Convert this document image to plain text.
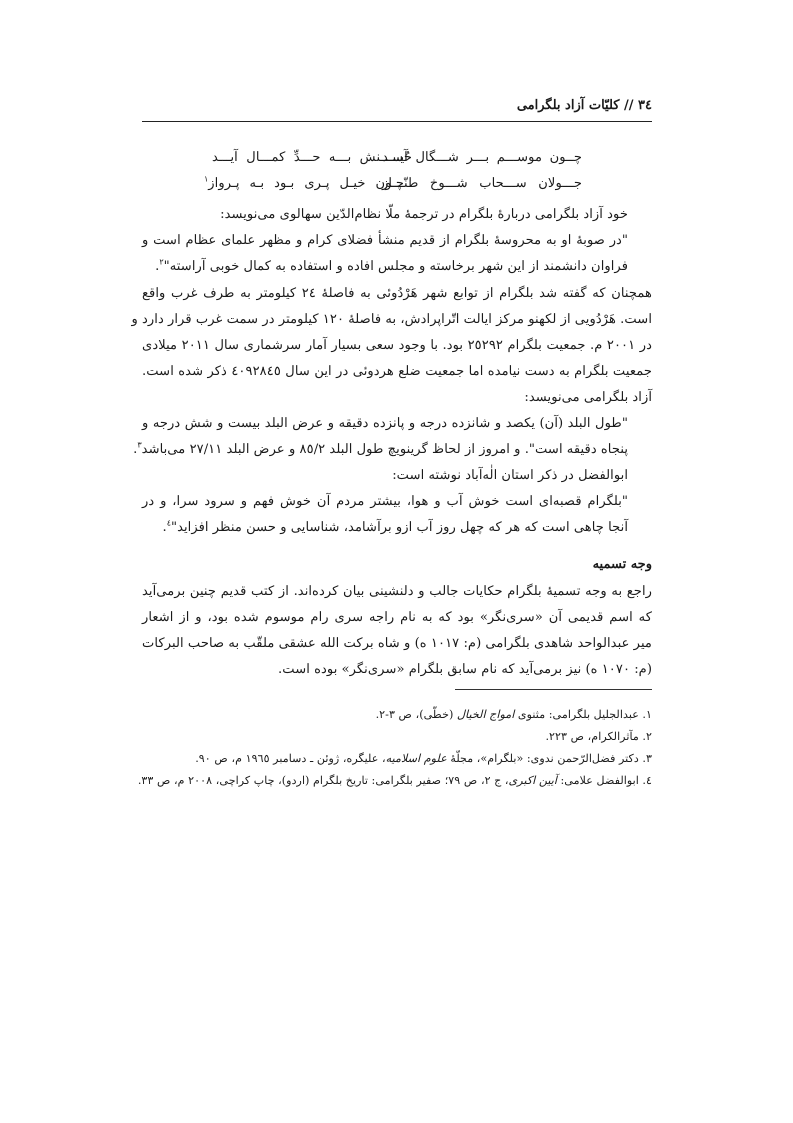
٣٤ // کلیّات آزاد بلگرامی
چــون موســـم بـــر شـــگال آیـــد
حُســـنش بـــه حـــدِّ کمـــال آیـــد
جـــولان ســـحاب شـــوخ طنّـــاز
چـون خیـل پـری بـود بـه پـرواز$^١$
خود آزاد بلگرامی دربارهٔ بلگرام در ترجمهٔ ملّا نظام‌الدّین سهالوی می‌نویسد:
"در صوبهٔ او به محروسهٔ بلگرام از قدیم منشأ فضلای کرام و مظهر علمای عظام است و
فراوان دانشمند از این شهر برخاسته و مجلس افاده و استفاده به کمال خوبی آراسته"$^٢$.
همچنان که گفته شد بلگرام از توابع شهر هَرْدُوئی به فاصلهٔ ٢٤ کیلومتر به طرف غرب واقع
است. هَرْدُویی از لکهنو مرکز ایالت اتّراپرادش، به فاصلهٔ ١٢٠ کیلومتر در سمت غرب قرار دارد و
در ٢٠٠١ م. جمعیت بلگرام ٢٥٢٩٢ بود. با وجود سعی بسیار آمار سرشماری سال ٢٠١١ میلادی
جمعیت بلگرام به دست نیامده اما جمعیت ضلع هردوئی در این سال ٤٠٩٢٨٤٥ ذکر شده است.
آزاد بلگرامی می‌نویسد:
"طول البلد (آن) یکصد و شانزده درجه و پانزده دقیقه و عرض البلد بیست و شش درجه و
پنجاه دقیقه است". و امروز از لحاظ گرینویچ طول البلد ٨٥/٢ و عرض البلد ٢٧/١١ می‌باشد$^٣$.
ابوالفضل در ذکر استان الٰه‌آباد نوشته است:
"بلگرام قصبه‌ای است خوش آب و هوا، بیشتر مردم آن خوش فهم و سرود سرا، و در
آنجا چاهی است که هر که چهل روز آب ازو برآشامد، شناسایی و حسن منظر افزاید"$^٤$.
وجه تسمیه
راجع به وجه تسمیهٔ بلگرام حکایات جالب و دلنشینی بیان کرده‌اند. از کتب قدیم چنین برمی‌آید
که اسم قدیمی آن «سری‌نگر» بود که به نام راجه سری رام موسوم شده بود، و از اشعار
میر عبدالواحد شاهدی بلگرامی (م: ١٠١٧ ه) و شاه برکت الله عشقی ملقّب به صاحب البرکات
(م: ١٠٧٠ ه) نیز برمی‌آید که نام سابق بلگرام «سری‌نگر» بوده است.
١. عبدالجلیل بلگرامی: مثنوی امواج الخیال (خطّی)، ص ٣-٢.
٢. مآثرالکرام، ص ٢٢٣.
٣. دکتر فضل‌الرّحمن ندوی: «بلگرام»، مجلّهٔ علوم اسلامیه، علیگره، ژوئن ـ دسامبر ١٩٦٥ م، ص ٩٠.
٤. ابوالفضل علامی: آیین اکبری، ج ٢، ص ٧٩؛ صفیر بلگرامی: تاریخ بلگرام (اردو)، چاپ کراچی، ٢٠٠٨ م، ص ٣٣.
